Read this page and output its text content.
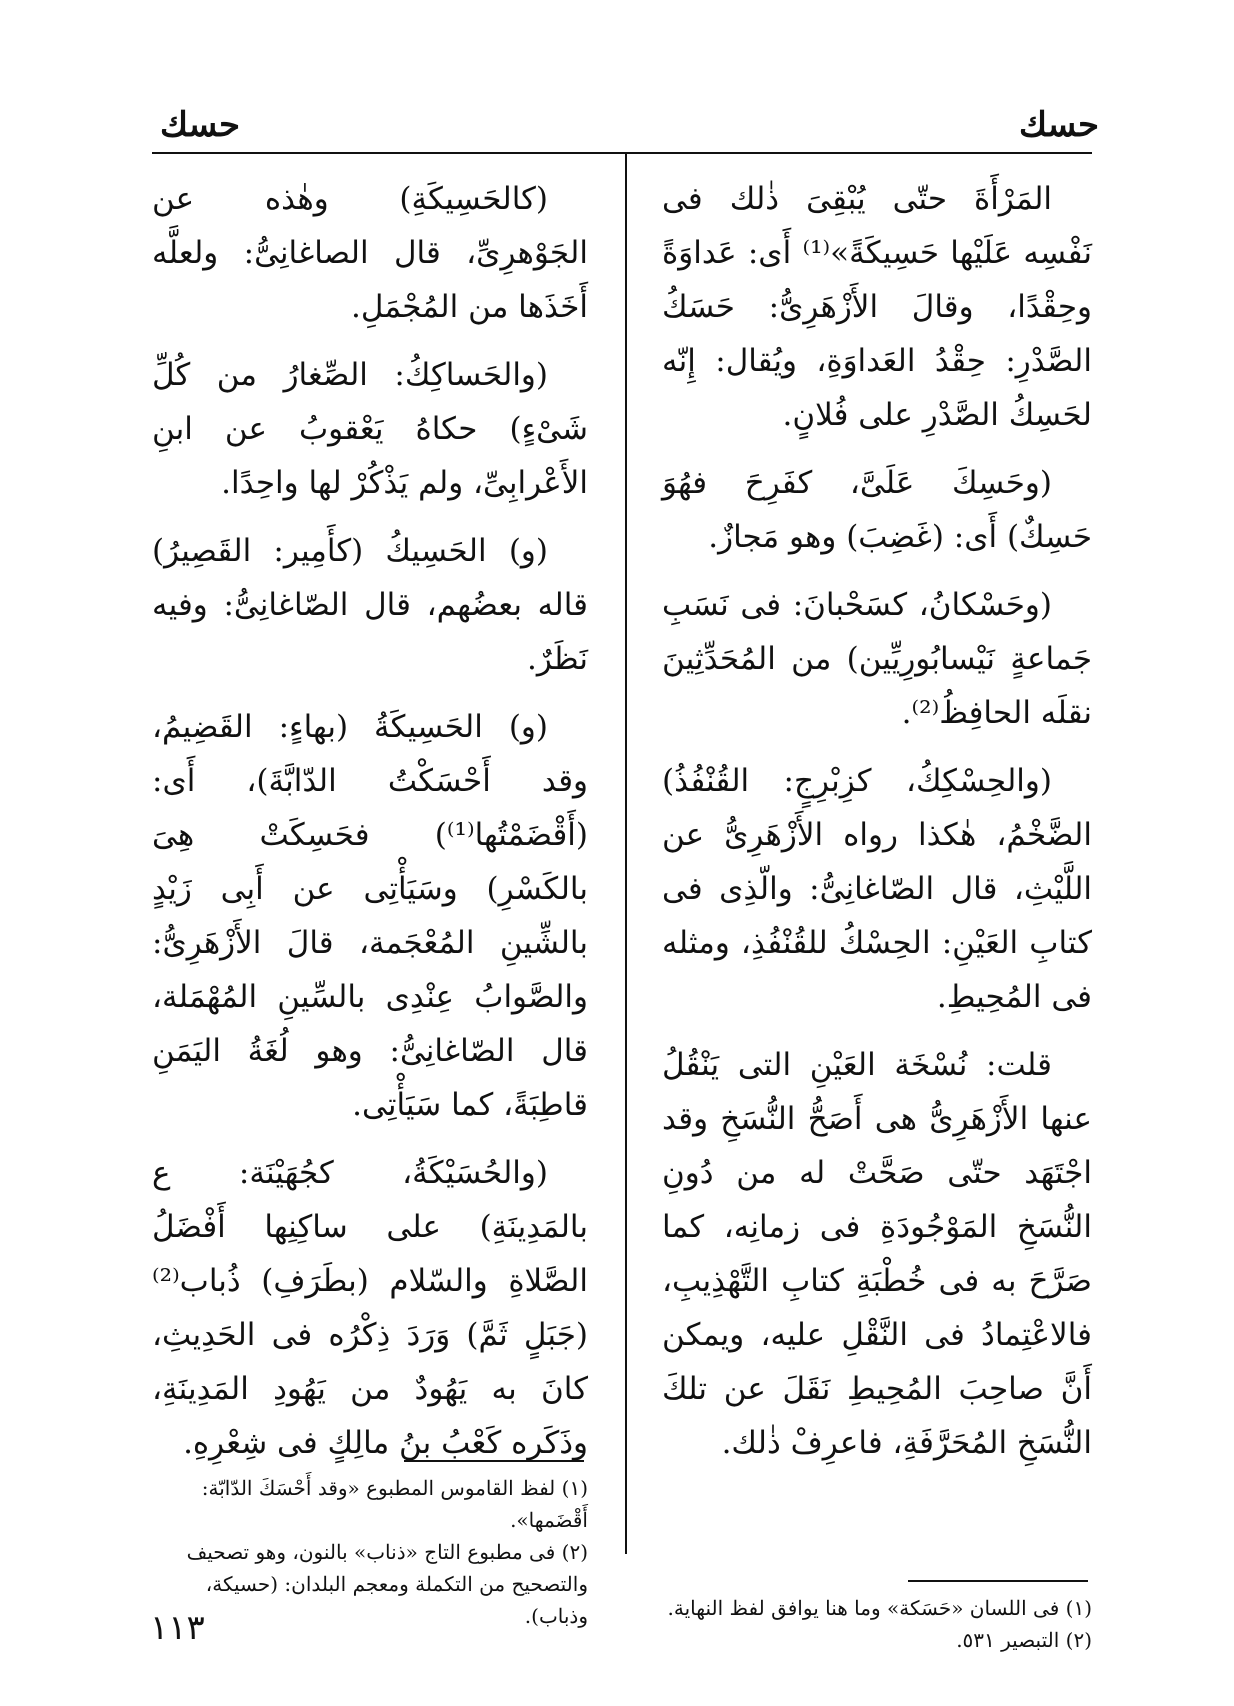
حسك
حسك

المَرْأَةَ حتّى يُبْقِىَ ذٰلك فى نَفْسِه عَلَيْها حَسِيكَةً»⁽¹⁾ أَى: عَداوَةً وحِقْدًا، وقالَ الأَزْهَرِىُّ: حَسَكُ الصَّدْرِ: حِقْدُ العَداوَةِ، ويُقال: إِنّه لحَسِكُ الصَّدْرِ على فُلانٍ.

(وحَسِكَ عَلَىَّ، كفَرِحَ فهُوَ حَسِكٌ) أَى: (غَضِبَ) وهو مَجازٌ.

(وحَسْكانُ، كسَحْبانَ: فى نَسَبِ جَماعةٍ نَيْسابُورِيِّين) من المُحَدِّثِينَ نقلَه الحافِظُ⁽²⁾.

(والحِسْكِكُ، كزِبْرِجٍ: القُنْفُذُ) الضَّخْمُ، هٰكذا رواه الأَزْهَرِىُّ عن اللَّيْثِ، قال الصّاغانِىُّ: والّذِى فى كتابِ العَيْنِ: الحِسْكُ للقُنْفُذِ، ومثله فى المُحِيطِ.

قلت: نُسْخَة العَيْنِ التى يَنْقُلُ عنها الأَزْهَرِىُّ هى أَصَحُّ النُّسَخِ وقد اجْتَهَد حتّى صَحَّتْ له من دُونِ النُّسَخِ المَوْجُودَةِ فى زمانِه، كما صَرَّحَ به فى خُطْبَةِ كتابِ التَّهْذِيبِ، فالاعْتِمادُ فى النَّقْلِ عليه، ويمكن أَنَّ صاحِبَ المُحِيطِ نَقَلَ عن تلكَ النُّسَخِ المُحَرَّفَةِ، فاعرِفْ ذٰلك.

(كالحَسِيكَةِ) وهٰذه عن الجَوْهرِىِّ، قال الصاغانِىُّ: ولعلَّه أَخَذَها من المُجْمَلِ.

(والحَساكِكُ: الصِّغارُ من كُلِّ شَىْءٍ) حكاهُ يَعْقوبُ عن ابنِ الأَعْرابِىِّ، ولم يَذْكُرْ لها واحِدًا.

(و) الحَسِيكُ (كأَمِير: القَصِيرُ) قاله بعضُهم، قال الصّاغانِىُّ: وفيه نَظَرٌ.

(و) الحَسِيكَةُ (بهاءٍ: القَضِيمُ، وقد أَحْسَكْتُ الدّابَّةَ)، أَى: (أَقْضَمْتُها⁽¹⁾) فحَسِكَتْ هِىَ بالكَسْرِ) وسَيَأْتِى عن أَبِى زَيْدٍ بالشِّينِ المُعْجَمة، قالَ الأَزْهَرِىُّ: والصَّوابُ عِنْدِى بالسِّينِ المُهْمَلة، قال الصّاغانِىُّ: وهو لُغَةُ اليَمَنِ قاطِبَةً، كما سَيَأْتِى.

(والحُسَيْكَةُ، كجُهَيْنَة: ع بالمَدِينَةِ) على ساكِنِها أَفْضَلُ الصَّلاةِ والسّلام (بطَرَفِ) ذُباب⁽²⁾ (جَبَلٍ ثَمَّ) وَرَدَ ذِكْرُه فى الحَدِيثِ، كانَ به يَهُودٌ من يَهُودِ المَدِينَةِ، وذَكَره كَعْبُ بنُ مالِكٍ فى شِعْرِهِ.

(١) لفظ القاموس المطبوع «وقد أَحْسَكَ الدّابّة: أَقْضَمها».
(٢) فى مطبوع التاج «ذناب» بالنون، وهو تصحيف والتصحيح من التكملة ومعجم البلدان: (حسيكة، وذباب).	(١) فى اللسان «حَسَكة» وما هنا يوافق لفظ النهاية.
(٢) التبصير ٥٣١.
١١٣
